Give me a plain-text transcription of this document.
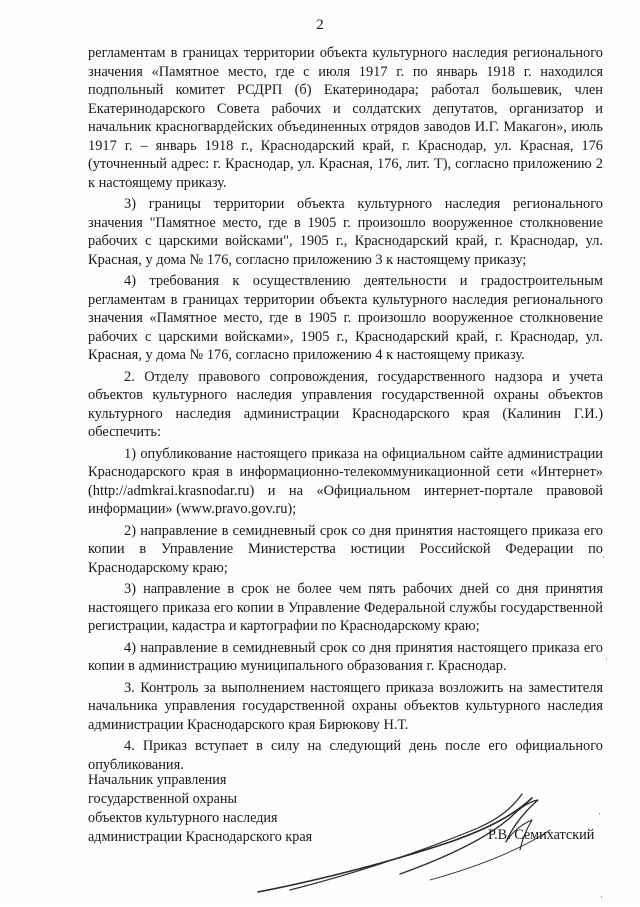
2

регламентам в границах территории объекта культурного наследия регионального значения «Памятное место, где с июля 1917 г. по январь 1918 г. находился подпольный комитет РСДРП (б) Екатеринодара; работал большевик, член Екатеринодарского Совета рабочих и солдатских депутатов, организатор и начальник красногвардейских объединенных отрядов заводов И.Г. Макагон», июль 1917 г. – январь 1918 г., Краснодарский край, г. Краснодар, ул. Красная, 176 (уточненный адрес: г. Краснодар, ул. Красная, 176, лит. Т), согласно приложению 2 к настоящему приказу.

3) границы территории объекта культурного наследия регионального значения "Памятное место, где в 1905 г. произошло вооруженное столкновение рабочих с царскими войсками", 1905 г., Краснодарский край, г. Краснодар, ул. Красная, у дома № 176, согласно приложению 3 к настоящему приказу;

4) требования к осуществлению деятельности и градостроительным регламентам в границах территории объекта культурного наследия регионального значения «Памятное место, где в 1905 г. произошло вооруженное столкновение рабочих с царскими войсками», 1905 г., Краснодарский край, г. Краснодар, ул. Красная, у дома № 176, согласно приложению 4 к настоящему приказу.

2. Отделу правового сопровождения, государственного надзора и учета объектов культурного наследия управления государственной охраны объектов культурного наследия администрации Краснодарского края (Калинин Г.И.) обеспечить:

1) опубликование настоящего приказа на официальном сайте администрации Краснодарского края в информационно-телекоммуникационной сети «Интернет» (http://admkrai.krasnodar.ru) и на «Официальном интернет-портале правовой информации» (www.pravo.gov.ru);

2) направление в семидневный срок со дня принятия настоящего приказа его копии в Управление Министерства юстиции Российской Федерации по Краснодарскому краю;

3) направление в срок не более чем пять рабочих дней со дня принятия настоящего приказа его копии в Управление Федеральной службы государственной регистрации, кадастра и картографии по Краснодарскому краю;

4) направление в семидневный срок со дня принятия настоящего приказа его копии в администрацию муниципального образования г. Краснодар.

3. Контроль за выполнением настоящего приказа возложить на заместителя начальника управления государственной охраны объектов культурного наследия администрации Краснодарского края Бирюкову Н.Т.

4. Приказ вступает в силу на следующий день после его официального опубликования.

Начальник управления
государственной охраны
объектов культурного наследия
администрации Краснодарского края	Р.В. Семихатский
·
·
·
·
